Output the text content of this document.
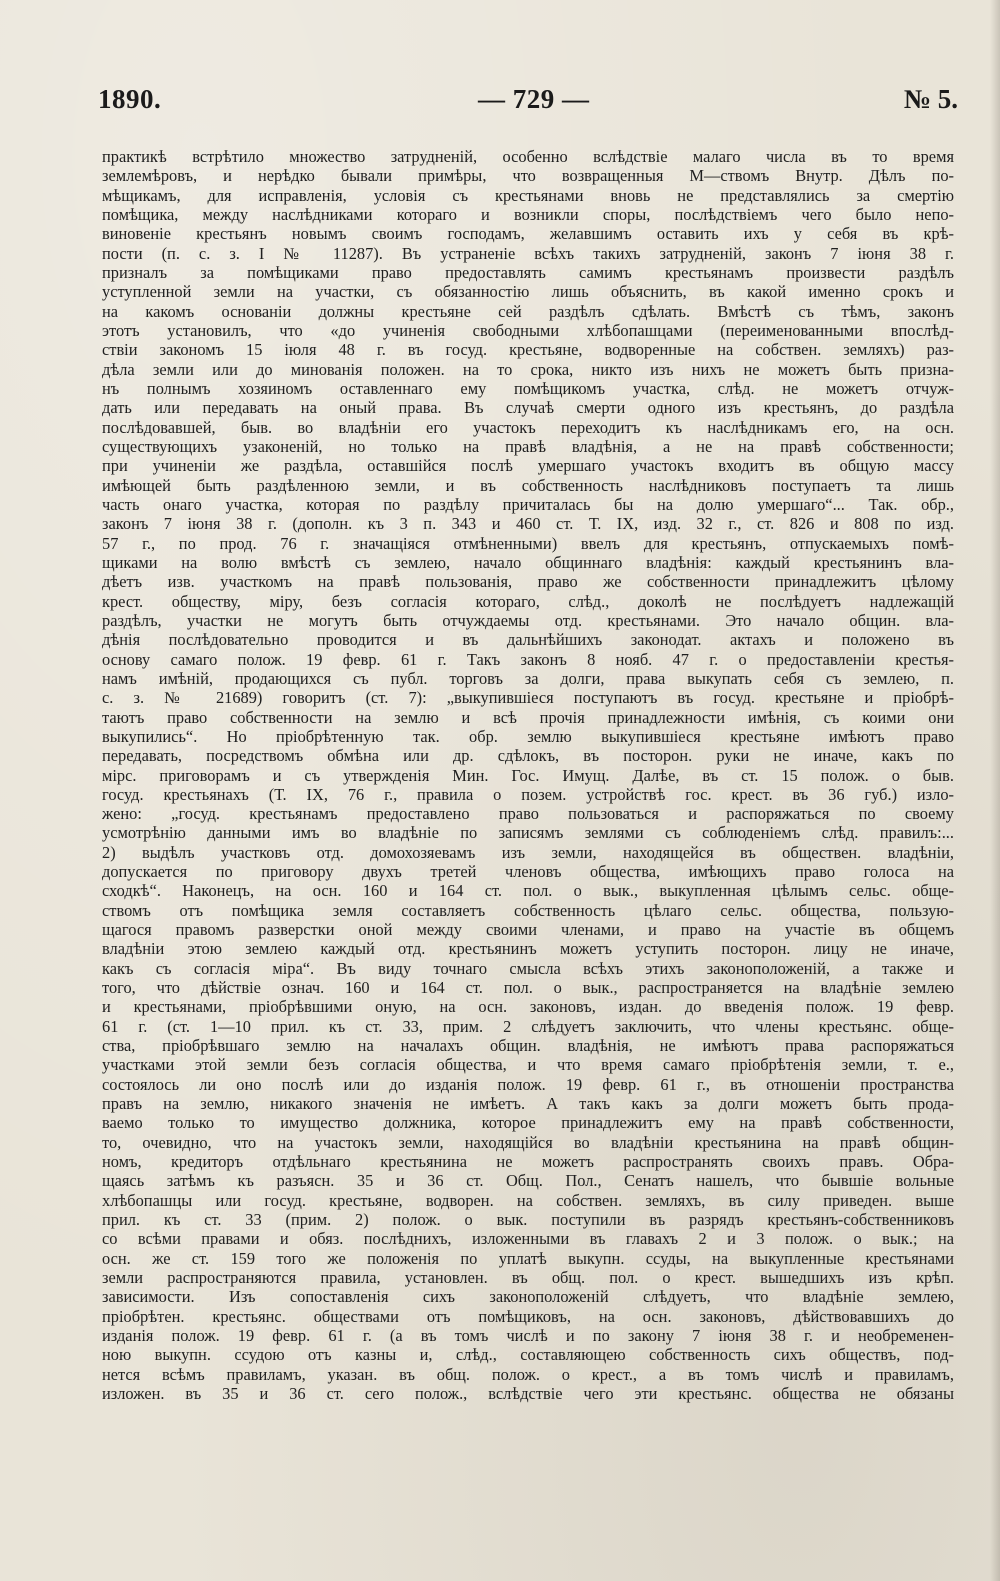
1890.	— 729 —	№ 5.
практикѣ встрѣтило множество затрудненій, особенно вслѣдствіе малаго числа въ то время
землемѣровъ, и нерѣдко бывали примѣры, что возвращенныя М—ствомъ Внутр. Дѣлъ по-
мѣщикамъ, для исправленія, условія съ крестьянами вновь не представлялись за смертію
помѣщика, между наслѣдниками котораго и возникли споры, послѣдствіемъ чего было непо-
виновеніе крестьянъ новымъ своимъ господамъ, желавшимъ оставить ихъ у себя въ крѣ-
пости (п. с. з. І № 11287). Въ устраненіе всѣхъ такихъ затрудненій, законъ 7 іюня 38 г.
призналъ за помѣщиками право предоставлять самимъ крестьянамъ произвести раздѣлъ
уступленной земли на участки, съ обязанностію лишь объяснить, въ какой именно срокъ и
на какомъ основаніи должны крестьяне сей раздѣлъ сдѣлать. Вмѣстѣ съ тѣмъ, законъ
этотъ установилъ, что «до учиненія свободными хлѣбопашцами (переименованными впослѣд-
ствіи закономъ 15 іюля 48 г. въ госуд. крестьяне, водворенные на собствен. земляхъ) раз-
дѣла земли или до минованія положен. на то срока, никто изъ нихъ не можетъ быть призна-
нъ полнымъ хозяиномъ оставленнаго ему помѣщикомъ участка, слѣд. не можетъ отчуж-
дать или передавать на оный права. Въ случаѣ смерти одного изъ крестьянъ, до раздѣла
послѣдовавшей, быв. во владѣніи его участокъ переходитъ къ наслѣдникамъ его, на осн.
существующихъ узаконеній, но только на правѣ владѣнія, а не на правѣ собственности;
при учиненіи же раздѣла, оставшійся послѣ умершаго участокъ входитъ въ общую массу
имѣющей быть раздѣленною земли, и въ собственность наслѣдниковъ поступаетъ та лишь
часть онаго участка, которая по раздѣлу причиталась бы на долю умершаго“... Так. обр.,
законъ 7 іюня 38 г. (дополн. къ 3 п. 343 и 460 ст. Т. IX, изд. 32 г., ст. 826 и 808 по изд.
57 г., по прод. 76 г. значащіяся отмѣненными) ввелъ для крестьянъ, отпускаемыхъ помѣ-
щиками на волю вмѣстѣ съ землею, начало общиннаго владѣнія: каждый крестьянинъ вла-
дѣетъ изв. участкомъ на правѣ пользованія, право же собственности принадлежитъ цѣлому
крест. обществу, міру, безъ согласія котораго, слѣд., доколѣ не послѣдуетъ надлежащій
раздѣлъ, участки не могутъ быть отчуждаемы отд. крестьянами. Это начало общин. вла-
дѣнія послѣдовательно проводится и въ дальнѣйшихъ законодат. актахъ и положено въ
основу самаго полож. 19 февр. 61 г. Такъ законъ 8 нояб. 47 г. о предоставленіи крестья-
намъ имѣній, продающихся съ публ. торговъ за долги, права выкупать себя съ землею, п.
с. з. № 21689) говоритъ (ст. 7): „выкупившіеся поступаютъ въ госуд. крестьяне и пріобрѣ-
таютъ право собственности на землю и всѣ прочія принадлежности имѣнія, съ коими они
выкупились“. Но пріобрѣтенную так. обр. землю выкупившіеся крестьяне имѣютъ право
передавать, посредствомъ обмѣна или др. сдѣлокъ, въ посторон. руки не иначе, какъ по
мірс. приговорамъ и съ утвержденія Мин. Гос. Имущ. Далѣе, въ ст. 15 полож. о быв.
госуд. крестьянахъ (Т. IX, 76 г., правила о позем. устройствѣ гос. крест. въ 36 губ.) изло-
жено: „госуд. крестьянамъ предоставлено право пользоваться и распоряжаться по своему
усмотрѣнію данными имъ во владѣніе по записямъ землями съ соблюденіемъ слѣд. правилъ:...
2) выдѣлъ участковъ отд. домохозяевамъ изъ земли, находящейся въ обществен. владѣніи,
допускается по приговору двухъ третей членовъ общества, имѣющихъ право голоса на
сходкѣ“. Наконецъ, на осн. 160 и 164 ст. пол. о вык., выкупленная цѣлымъ сельс. обще-
ствомъ отъ помѣщика земля составляетъ собственность цѣлаго сельс. общества, пользую-
щагося правомъ разверстки оной между своими членами, и право на участіе въ общемъ
владѣніи этою землею каждый отд. крестьянинъ можетъ уступить посторон. лицу не иначе,
какъ съ согласія міра“. Въ виду точнаго смысла всѣхъ этихъ законоположеній, а также и
того, что дѣйствіе означ. 160 и 164 ст. пол. о вык., распространяется на владѣніе землею
и крестьянами, пріобрѣвшими оную, на осн. законовъ, издан. до введенія полож. 19 февр.
61 г. (ст. 1—10 прил. къ ст. 33, прим. 2 слѣдуетъ заключить, что члены крестьянс. общe-
ства, пріобрѣвшаго землю на началахъ общин. владѣнія, не имѣютъ права распоряжаться
участками этой земли безъ согласія общества, и что время самаго пріобрѣтенія земли, т. е.,
состоялось ли оно послѣ или до изданія полож. 19 февр. 61 г., въ отношеніи пространства
правъ на землю, никакого значенія не имѣетъ. А такъ какъ за долги можетъ быть прода-
ваемо только то имущество должника, которое принадлежитъ ему на правѣ собственности,
то, очевидно, что на участокъ земли, находящійся во владѣніи крестьянина на правѣ общин-
номъ, кредиторъ отдѣльнаго крестьянина не можетъ распространять своихъ правъ. Обра-
щаясь затѣмъ къ разъясн. 35 и 36 ст. Общ. Пол., Сенатъ нашелъ, что бывшіе вольные
хлѣбопашцы или госуд. крестьяне, водворен. на собствен. земляхъ, въ силу приведен. выше
прил. къ ст. 33 (прим. 2) полож. о вык. поступили въ разрядъ крестьянъ-собственниковъ
со всѣми правами и обяз. послѣднихъ, изложенными въ главахъ 2 и 3 полож. о вык.; на
осн. же ст. 159 того же положенія по уплатѣ выкупн. ссуды, на выкупленные крестьянами
земли распространяются правила, установлен. въ общ. пол. о крест. вышедшихъ изъ крѣп.
зависимости. Изъ сопоставленія сихъ законоположеній слѣдуетъ, что владѣніе землею,
пріобрѣтен. крестьянс. обществами отъ помѣщиковъ, на осн. законовъ, дѣйствовавшихъ до
изданія полож. 19 февр. 61 г. (а въ томъ числѣ и по закону 7 іюня 38 г. и необременен-
ною выкупн. ссудою отъ казны и, слѣд., составляющею собственность сихъ обществъ, под-
нется всѣмъ правиламъ, указан. въ общ. полож. о крест., а въ томъ числѣ и правиламъ,
изложен. въ 35 и 36 ст. сего полож., вслѣдствіе чего эти крестьянс. общества не обязаны
